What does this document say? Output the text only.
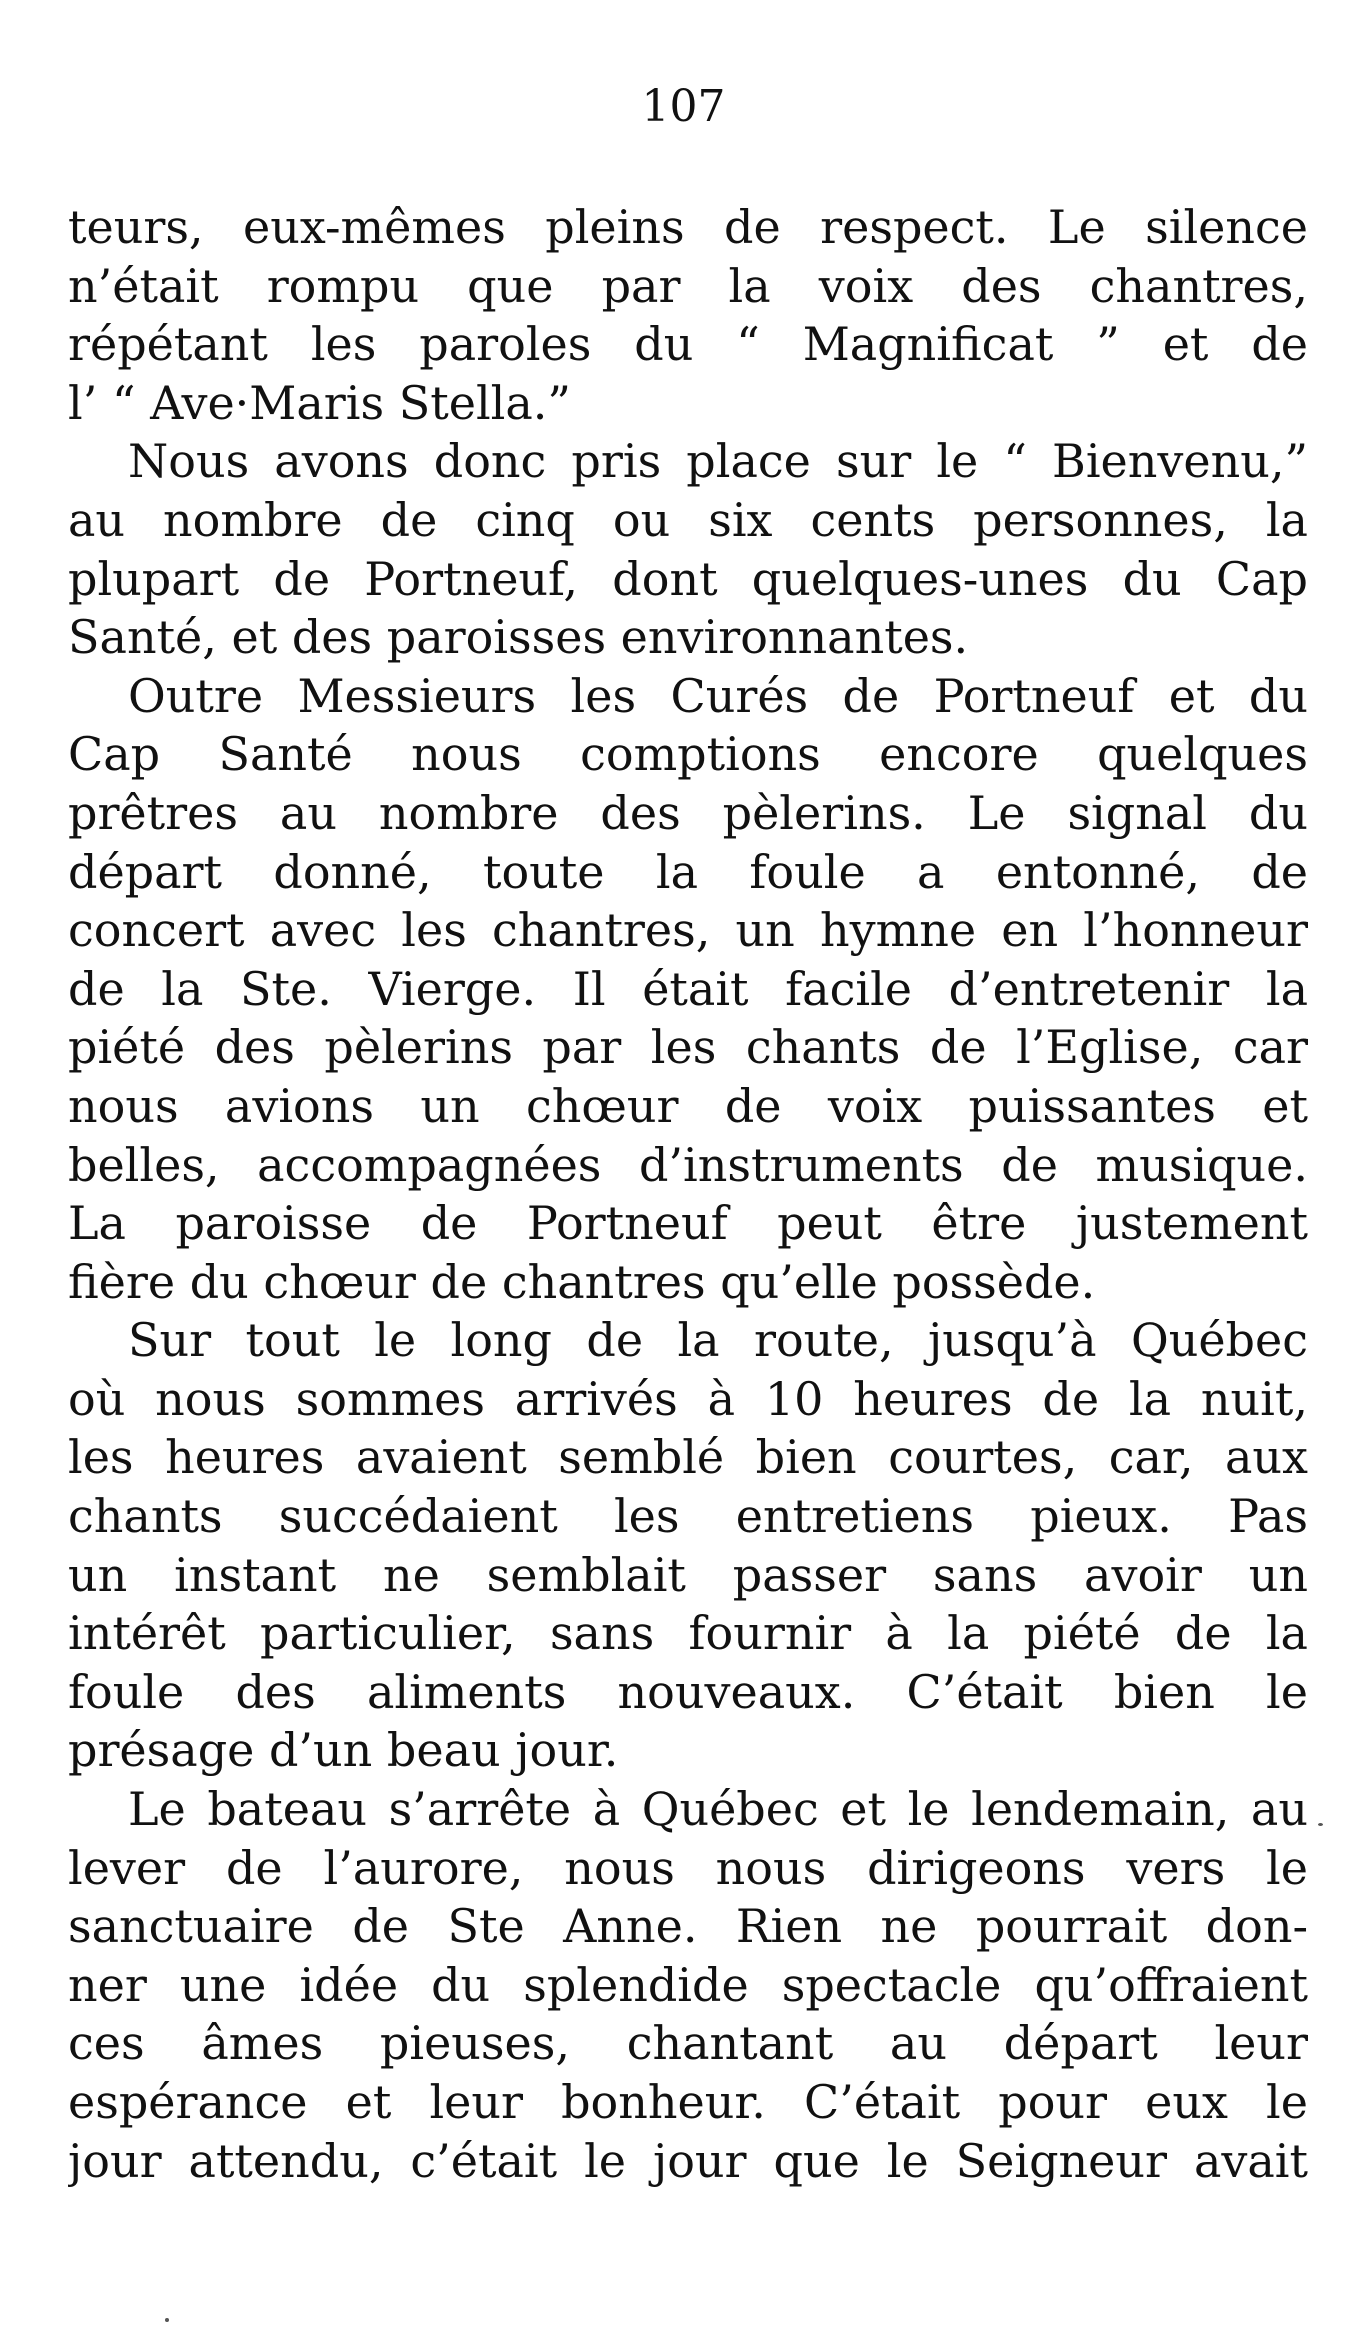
107
teurs, eux-mêmes pleins de respect. Le silence
n’était rompu que par la voix des chantres,
répétant les paroles du “ Magnificat ” et de
l’ “ Ave·Maris Stella.”
Nous avons donc pris place sur le “ Bienvenu,”
au nombre de cinq ou six cents personnes, la
plupart de Portneuf, dont quelques-unes du Cap
Santé, et des paroisses environnantes.
Outre Messieurs les Curés de Portneuf et du
Cap Santé nous comptions encore quelques
prêtres au nombre des pèlerins. Le signal du
départ donné, toute la foule a entonné, de
concert avec les chantres, un hymne en l’honneur
de la Ste. Vierge. Il était facile d’entretenir la
piété des pèlerins par les chants de l’Eglise, car
nous avions un chœur de voix puissantes et
belles, accompagnées d’instruments de musique.
La paroisse de Portneuf peut être justement
fière du chœur de chantres qu’elle possède.
Sur tout le long de la route, jusqu’à Québec
où nous sommes arrivés à 10 heures de la nuit,
les heures avaient semblé bien courtes, car, aux
chants succédaient les entretiens pieux. Pas
un instant ne semblait passer sans avoir un
intérêt particulier, sans fournir à la piété de la
foule des aliments nouveaux. C’était bien le
présage d’un beau jour.
Le bateau s’arrête à Québec et le lendemain, au
lever de l’aurore, nous nous dirigeons vers le
sanctuaire de Ste Anne. Rien ne pourrait don-
ner une idée du splendide spectacle qu’offraient
ces âmes pieuses, chantant au départ leur
espérance et leur bonheur. C’était pour eux le
jour attendu, c’était le jour que le Seigneur avait
